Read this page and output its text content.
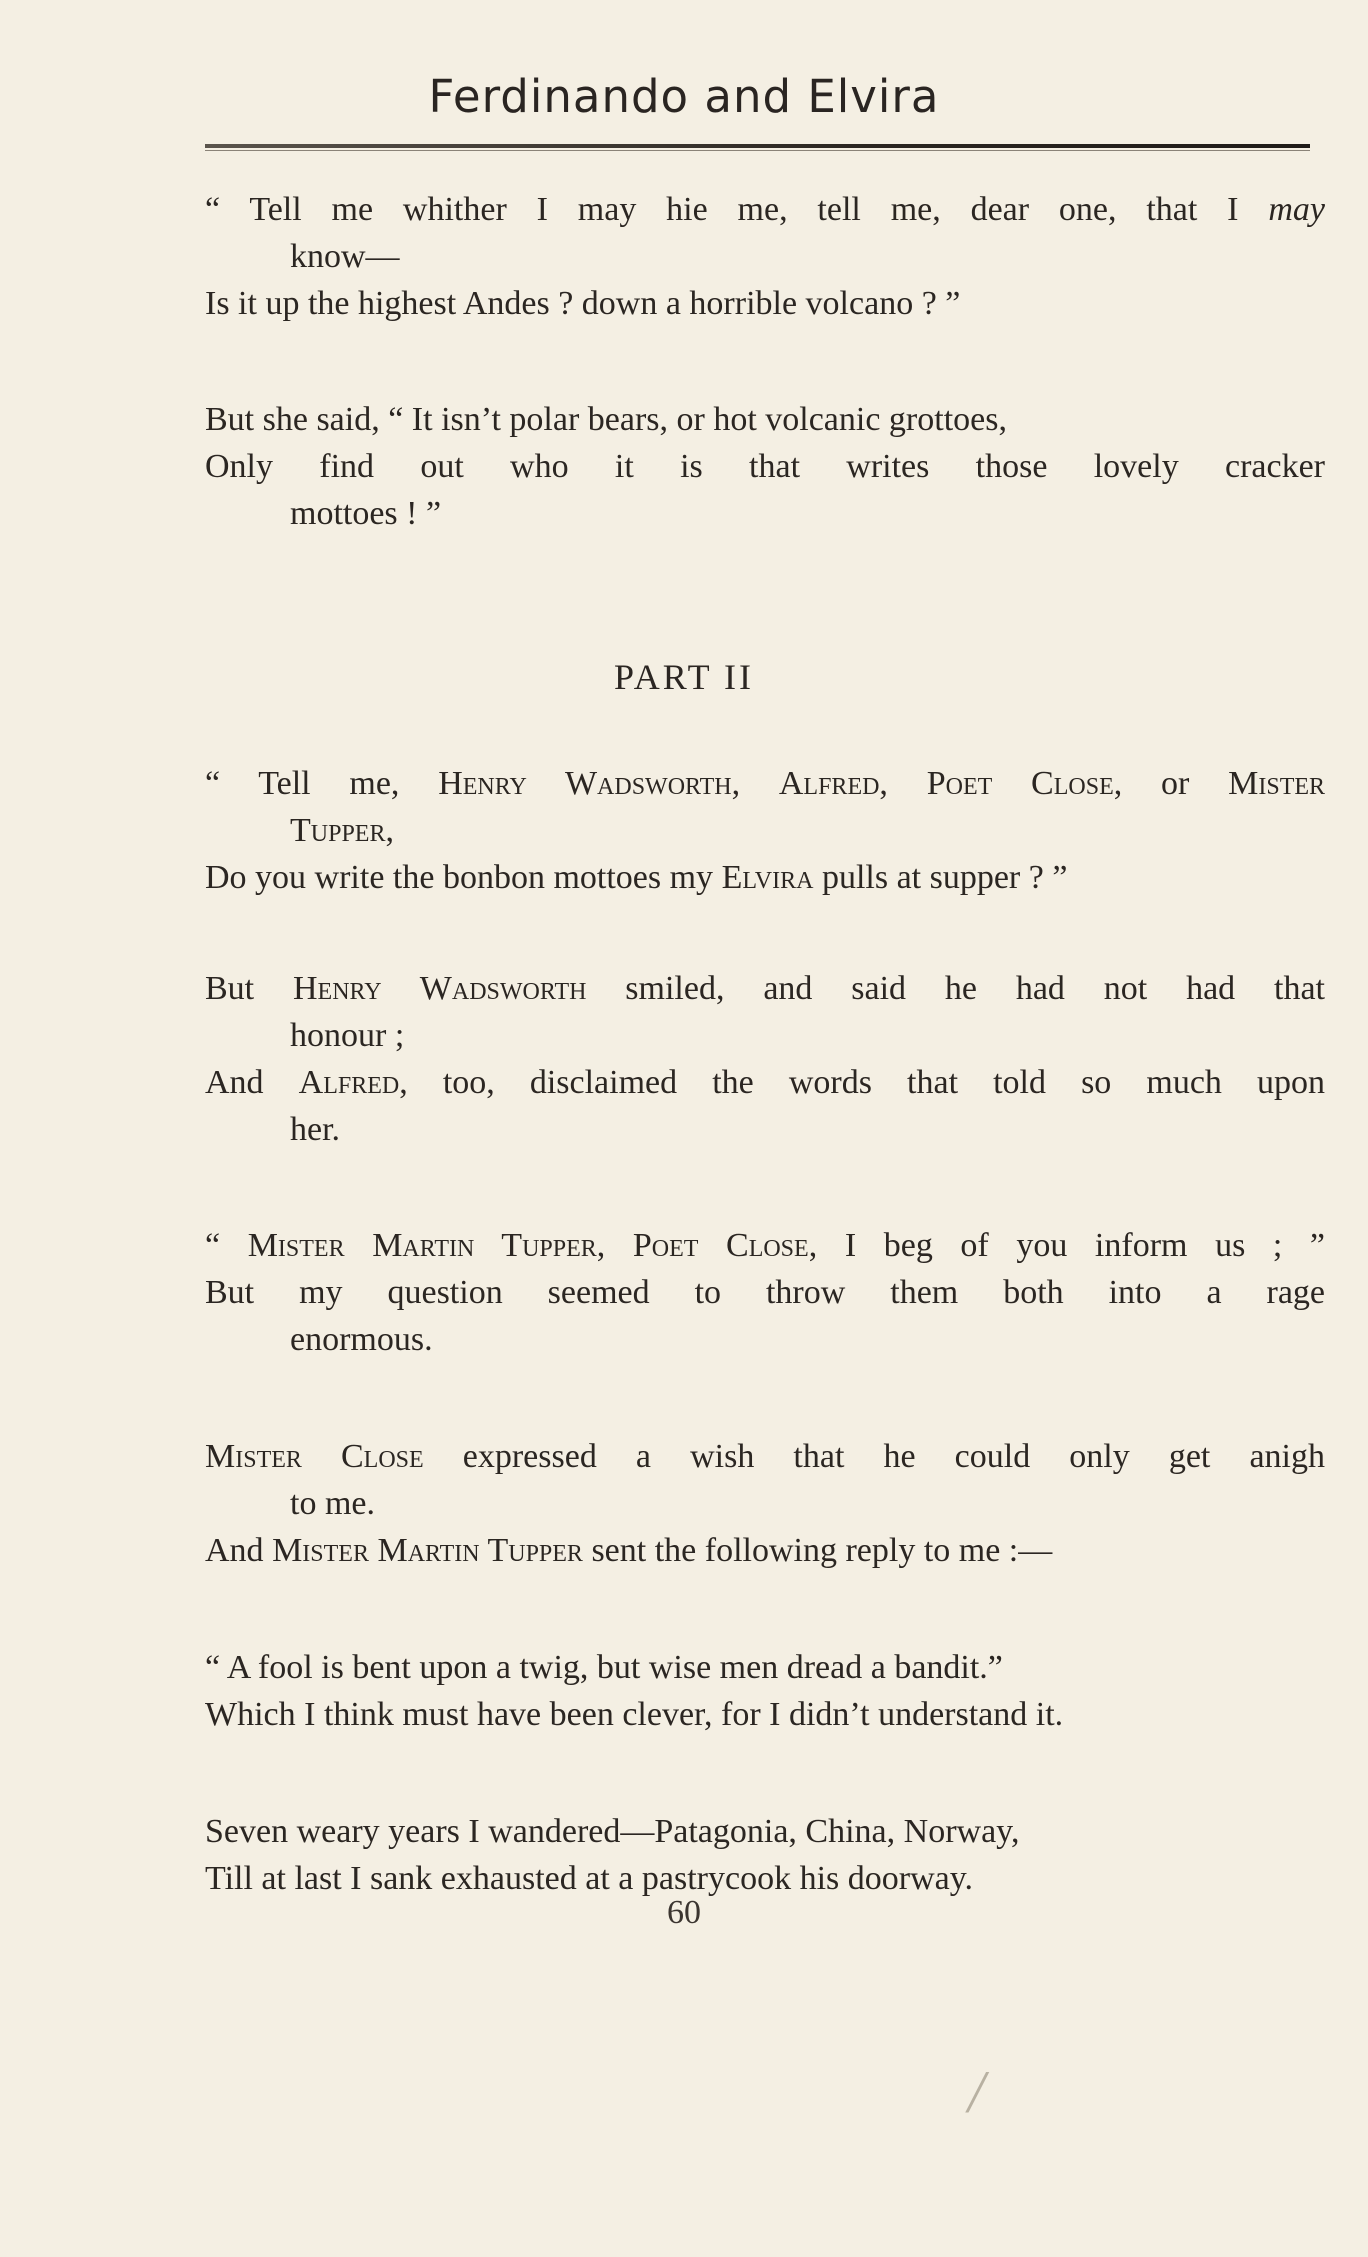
Ferdinando and Elvira
“ Tell me whither I may hie me, tell me, dear one, that I may
know—
Is it up the highest Andes ? down a horrible volcano ? ”
But she said, “ It isn’t polar bears, or hot volcanic grottoes,
Only find out who it is that writes those lovely cracker
mottoes ! ”
“ Tell me, Henry Wadsworth, Alfred, Poet Close, or Mister
Tupper,
Do you write the bonbon mottoes my Elvira pulls at supper ? ”
But Henry Wadsworth smiled, and said he had not had that
honour ;
And Alfred, too, disclaimed the words that told so much upon
her.
“ Mister Martin Tupper, Poet Close, I beg of you inform us ; ”
But my question seemed to throw them both into a rage
enormous.
Mister Close expressed a wish that he could only get anigh
to me.
And Mister Martin Tupper sent the following reply to me :—
“ A fool is bent upon a twig, but wise men dread a bandit.”
Which I think must have been clever, for I didn’t understand it.
Seven weary years I wandered—Patagonia, China, Norway,
Till at last I sank exhausted at a pastrycook his doorway.
PART II
60
/
